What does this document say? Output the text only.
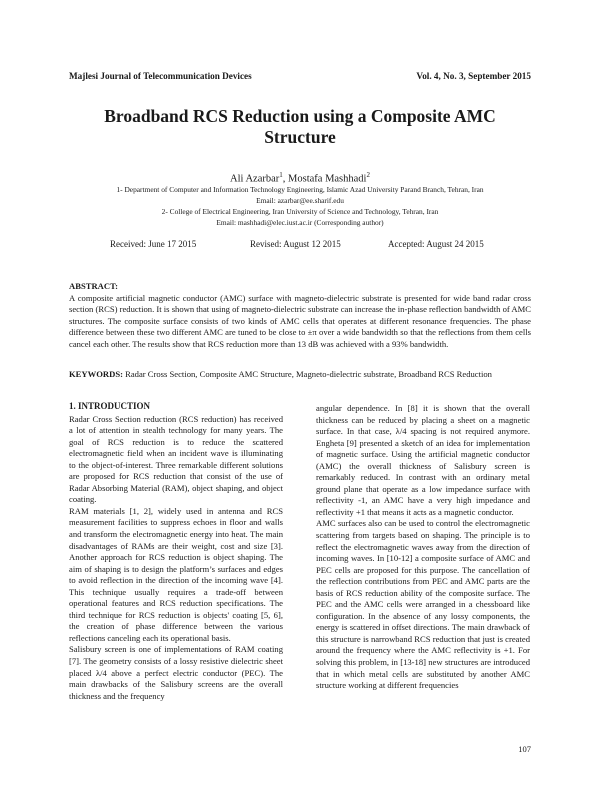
Majlesi Journal of Telecommunication Devices	Vol. 4, No. 3, September 2015
Broadband RCS Reduction using a Composite AMC Structure
Ali Azarbar$^1$, Mostafa Mashhadi$^2$
1- Department of Computer and Information Technology Engineering, Islamic Azad University Parand Branch, Tehran, Iran
Email: azarbar@ee.sharif.edu
2- College of Electrical Engineering, Iran University of Science and Technology, Tehran, Iran
Email: mashhadi@elec.iust.ac.ir (Corresponding author)
Received: June 17 2015	Revised: August 12 2015	Accepted: August 24 2015
ABSTRACT:
A composite artificial magnetic conductor (AMC) surface with magneto-dielectric substrate is presented for wide band radar cross section (RCS) reduction. It is shown that using of magneto-dielectric substrate can increase the in-phase reflection bandwidth of AMC structures. The composite surface consists of two kinds of AMC cells that operates at different resonance frequencies. The phase difference between these two different AMC are tuned to be close to ±π over a wide bandwidth so that the reflections from them cells cancel each other. The results show that RCS reduction more than 13 dB was achieved with a 93% bandwidth.
KEYWORDS: Radar Cross Section, Composite AMC Structure, Magneto-dielectric substrate, Broadband RCS Reduction
1. INTRODUCTION

Radar Cross Section reduction (RCS reduction) has received a lot of attention in stealth technology for many years. The goal of RCS reduction is to reduce the scattered electromagnetic field when an incident wave is illuminating to the object-of-interest. Three remarkable different solutions are proposed for RCS reduction that consist of the use of Radar Absorbing Material (RAM), object shaping, and object coating.

RAM materials [1, 2], widely used in antenna and RCS measurement facilities to suppress echoes in floor and walls and transform the electromagnetic energy into heat. The main disadvantages of RAMs are their weight, cost and size [3]. Another approach for RCS reduction is object shaping. The aim of shaping is to design the platform’s surfaces and edges to avoid reflection in the direction of the incoming wave [4]. This technique usually requires a trade-off between operational features and RCS reduction specifications. The third technique for RCS reduction is objects' coating [5, 6], the creation of phase difference between the various reflections canceling each its operational basis.

Salisbury screen is one of implementations of RAM coating [7]. The geometry consists of a lossy resistive dielectric sheet placed λ/4 above a perfect electric conductor (PEC). The main drawbacks of the Salisbury screens are the overall thickness and the frequency

angular dependence. In [8] it is shown that the overall thickness can be reduced by placing a sheet on a magnetic surface. In that case, λ/4 spacing is not required anymore. Engheta [9] presented a sketch of an idea for implementation of magnetic surface. Using the artificial magnetic conductor (AMC) the overall thickness of Salisbury screen is remarkably reduced. In contrast with an ordinary metal ground plane that operate as a low impedance surface with reflectivity -1, an AMC have a very high impedance and reflectivity +1 that means it acts as a magnetic conductor.

AMC surfaces also can be used to control the electromagnetic scattering from targets based on shaping. The principle is to reflect the electromagnetic waves away from the direction of incoming waves. In [10-12] a composite surface of AMC and PEC cells are proposed for this purpose. The cancellation of the reflection contributions from PEC and AMC parts are the basis of RCS reduction ability of the composite surface. The PEC and the AMC cells were arranged in a chessboard like configuration. In the absence of any lossy components, the energy is scattered in offset directions. The main drawback of this structure is narrowband RCS reduction that just is created around the frequency where the AMC reflectivity is +1. For solving this problem, in [13-18] new structures are introduced that in which metal cells are substituted by another AMC structure working at different frequencies

107
